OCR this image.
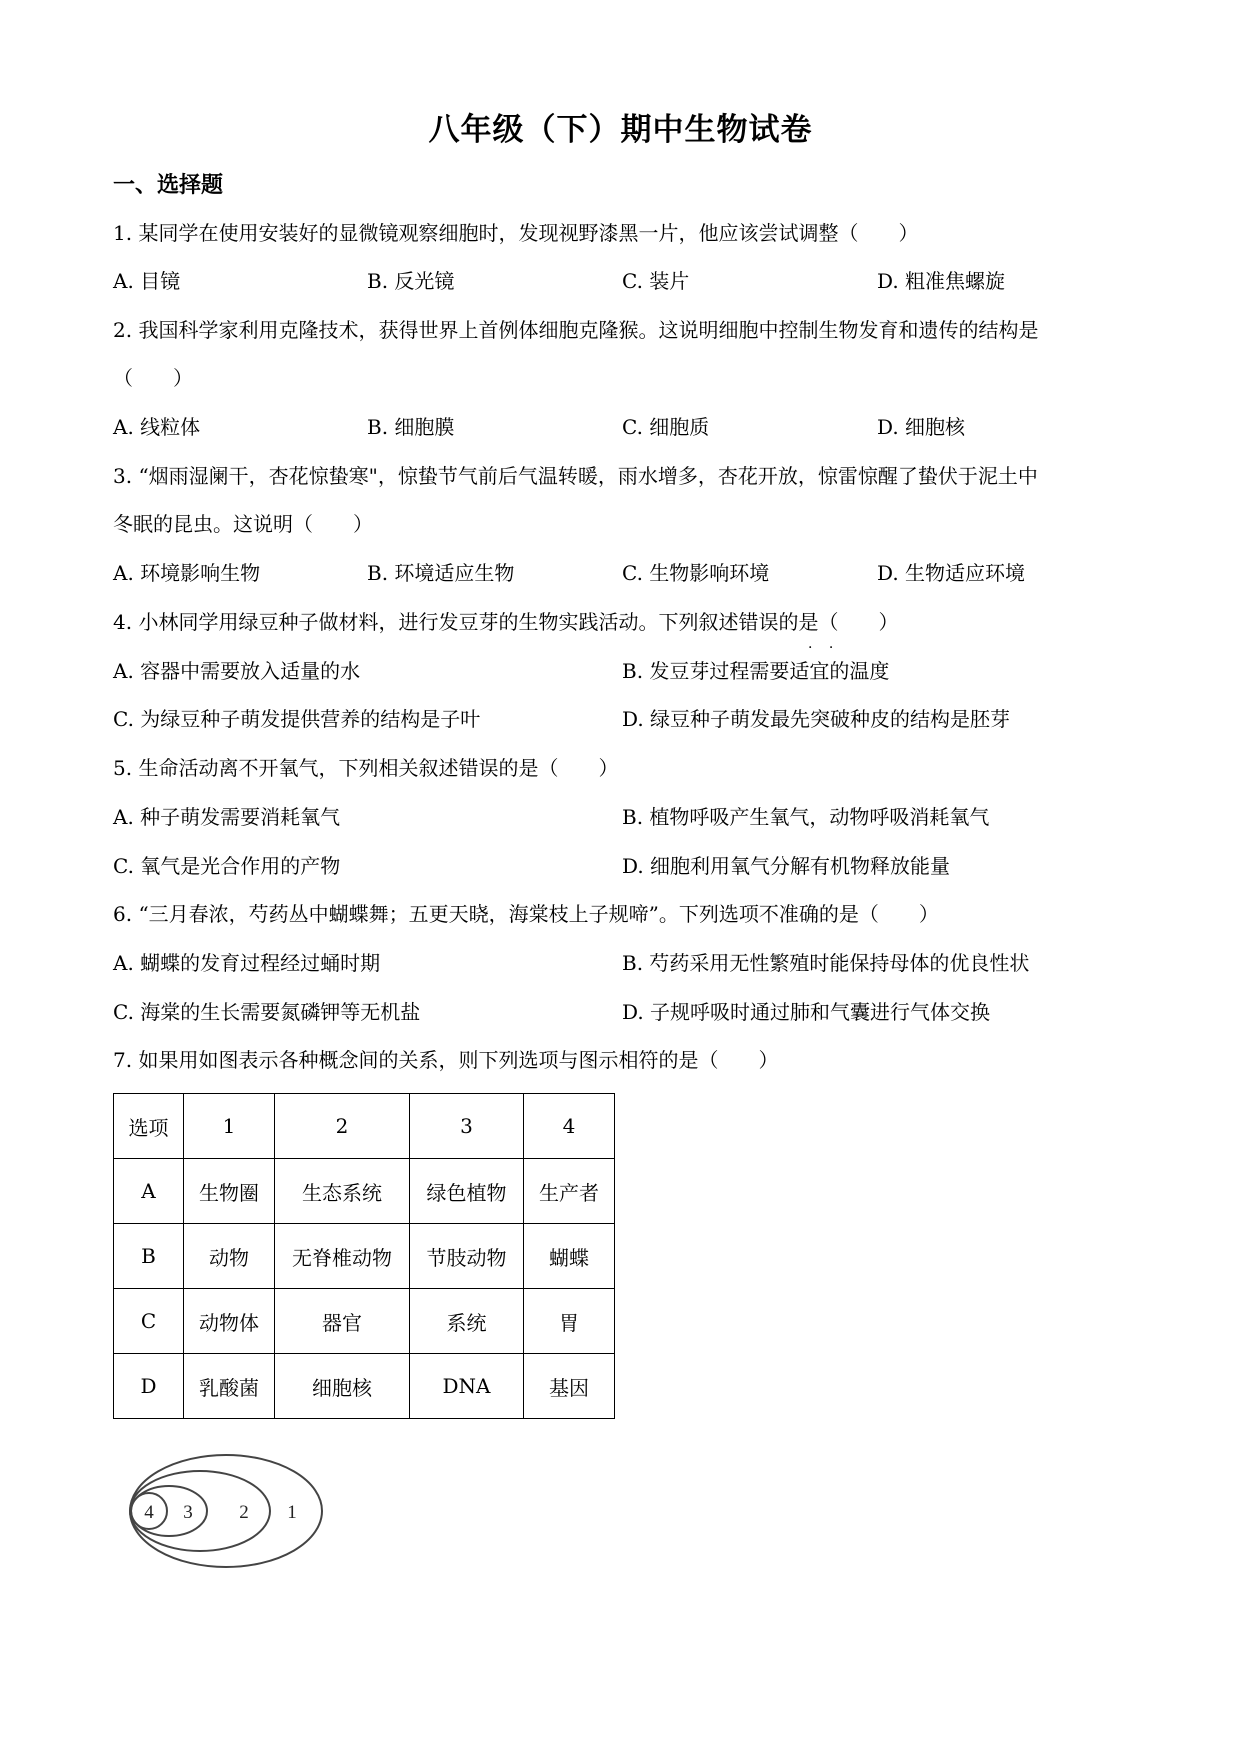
八年级（下）期中生物试卷
一、选择题
1. 某同学在使用安装好的显微镜观察细胞时，发现视野漆黑一片，他应该尝试调整（　　）
A. 目镜	B. 反光镜	C. 装片	D. 粗准焦螺旋
2. 我国科学家利用克隆技术，获得世界上首例体细胞克隆猴。这说明细胞中控制生物发育和遗传的结构是
（　　）
A. 线粒体	B. 细胞膜	C. 细胞质	D. 细胞核
3. “烟雨湿阑干，杏花惊蛰寒"，惊蛰节气前后气温转暖，雨水增多，杏花开放，惊雷惊醒了蛰伏于泥土中
冬眠的昆虫。这说明（　　）
A. 环境影响生物	B. 环境适应生物	C. 生物影响环境	D. 生物适应环境
4. 小林同学用绿豆种子做材料，进行发豆芽的生物实践活动。下列叙述错误的是（　　）
· ·
A. 容器中需要放入适量的水	B. 发豆芽过程需要适宜的温度
C. 为绿豆种子萌发提供营养的结构是子叶	D. 绿豆种子萌发最先突破种皮的结构是胚芽
5. 生命活动离不开氧气，下列相关叙述错误的是（　　）
A. 种子萌发需要消耗氧气	B. 植物呼吸产生氧气，动物呼吸消耗氧气
C. 氧气是光合作用的产物	D. 细胞利用氧气分解有机物释放能量
6. “三月春浓，芍药丛中蝴蝶舞；五更天晓，海棠枝上子规啼”。下列选项不准确的是（　　）
A. 蝴蝶的发育过程经过蛹时期	B. 芍药采用无性繁殖时能保持母体的优良性状
C. 海棠的生长需要氮磷钾等无机盐	D. 子规呼吸时通过肺和气囊进行气体交换
7. 如果用如图表示各种概念间的关系，则下列选项与图示相符的是（　　）
选项	1	2	3	4
A	生物圈	生态系统	绿色植物	生产者
B	动物	无脊椎动物	节肢动物	蝴蝶
C	动物体	器官	系统	胃
D	乳酸菌	细胞核	DNA	基因
4 3 2 1
